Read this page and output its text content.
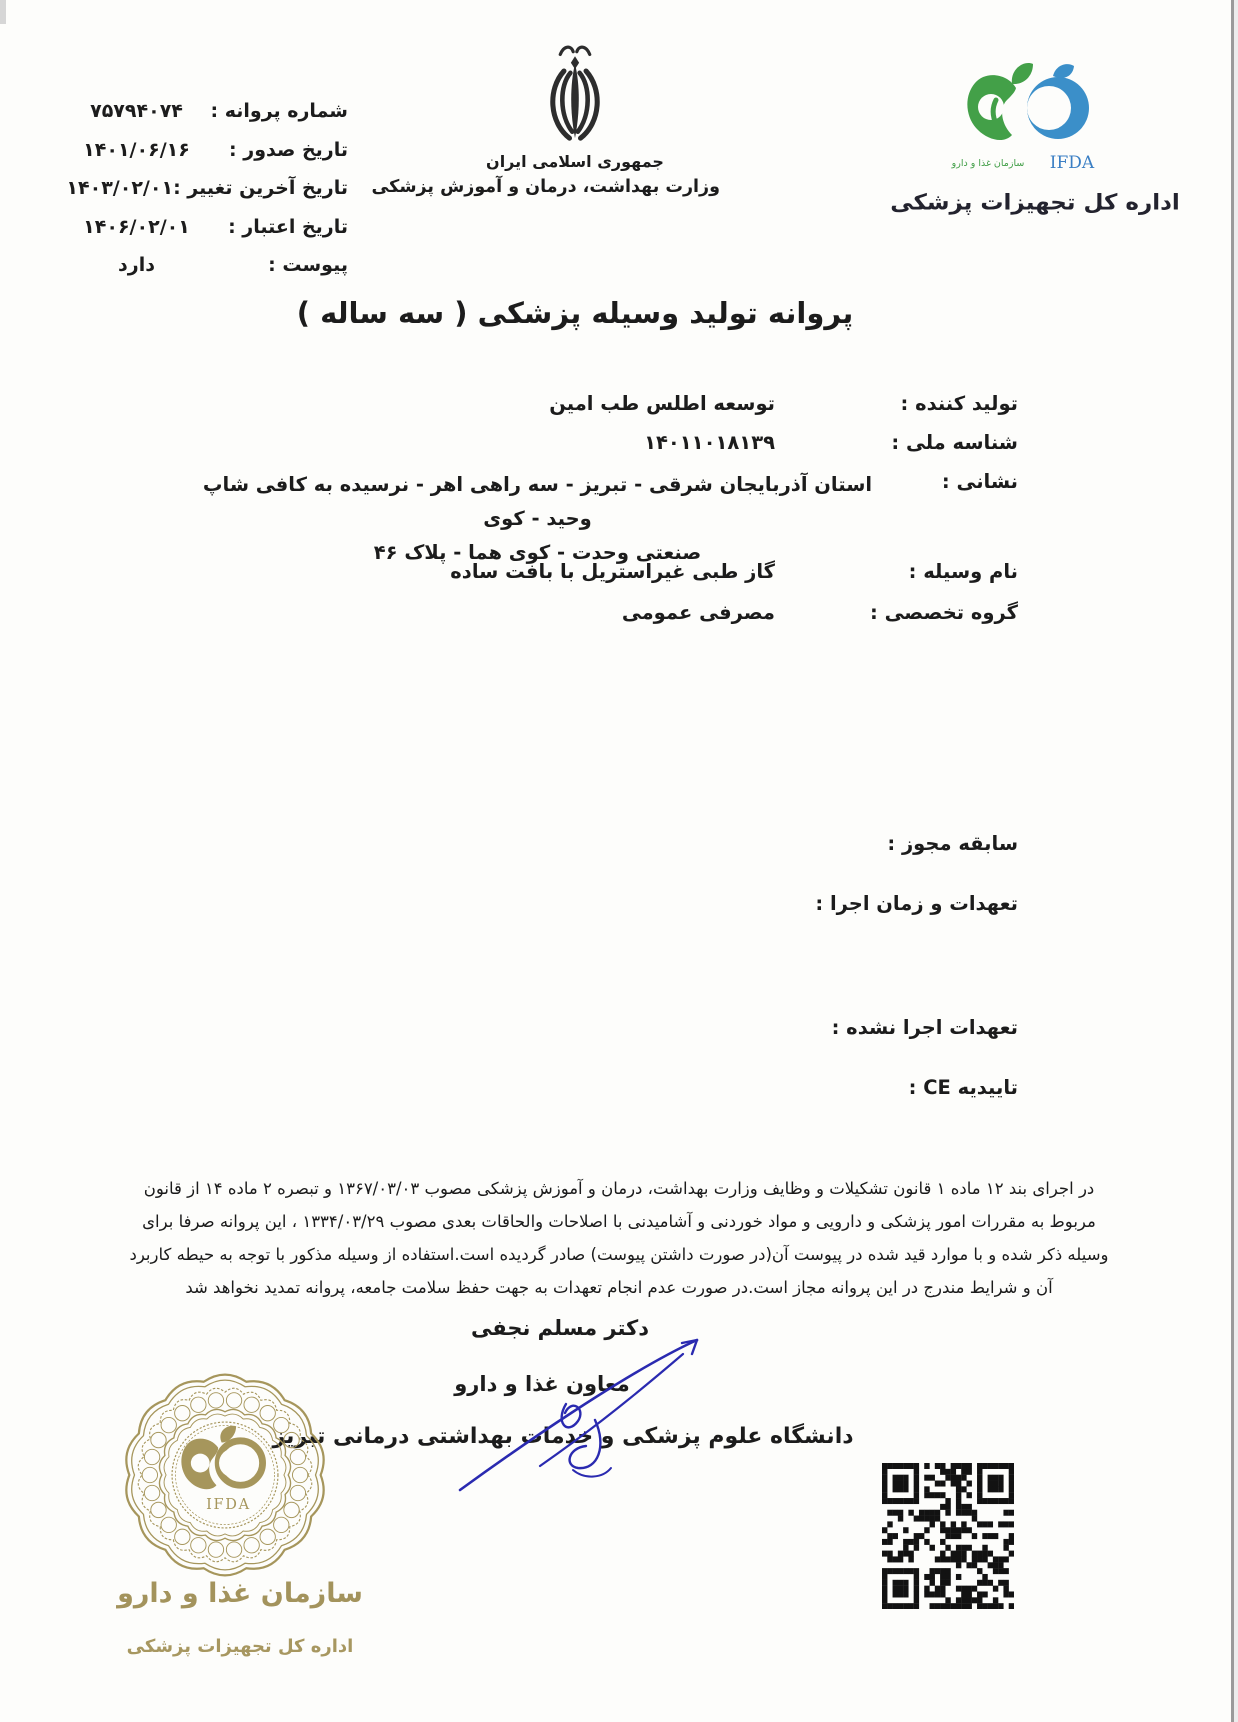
شماره پروانه :
۷۵۷۹۴۰۷۴
تاریخ صدور :
۱۴۰۱/۰۶/۱۶
تاریخ آخرین تغییر :
۱۴۰۳/۰۲/۰۱
تاریخ اعتبار :
۱۴۰۶/۰۲/۰۱
پیوست :
دارد
جمهوری اسلامی ایران
وزارت بهداشت، درمان و آموزش پزشکی
IFDA
سازمان غذا و دارو
اداره کل تجهیزات پزشکی
پروانه تولید وسیله پزشکی ( سه ساله )
تولید کننده :
توسعه اطلس طب امین
شناسه ملی :
۱۴۰۱۱۰۱۸۱۳۹
نشانی :
استان آذربایجان شرقی - تبریز - سه راهی اهر - نرسیده به کافی شاپ وحید - کوی
صنعتی وحدت - کوی هما - پلاک ۴۶
نام وسیله :
گاز طبی غیراستریل با بافت ساده
گروه تخصصی :
مصرفی عمومی
سابقه مجوز :
تعهدات و زمان اجرا :
تعهدات اجرا نشده :
تاییدیه CE :
در اجرای بند ۱۲ ماده ۱ قانون تشکیلات و وظایف وزارت بهداشت، درمان و آموزش پزشکی مصوب ۱۳۶۷/۰۳/۰۳ و تبصره ۲ ماده ۱۴ از قانون
مربوط به مقررات امور پزشکی و دارویی و مواد خوردنی و آشامیدنی با اصلاحات والحاقات بعدی مصوب ۱۳۳۴/۰۳/۲۹ ، این پروانه صرفا برای
وسیله ذکر شده و با موارد قید شده در پیوست آن(در صورت داشتن پیوست) صادر گردیده است.استفاده از وسیله مذکور با توجه به حیطه کاربرد
آن و شرایط مندرج در این پروانه مجاز است.در صورت عدم انجام تعهدات به جهت حفظ سلامت جامعه، پروانه تمدید نخواهد شد
دکتر مسلم نجفی
معاون غذا و دارو
دانشگاه علوم پزشکی و خدمات بهداشتی درمانی تبریز
IFDA
سازمان غذا و دارو
اداره کل تجهیزات پزشکی
